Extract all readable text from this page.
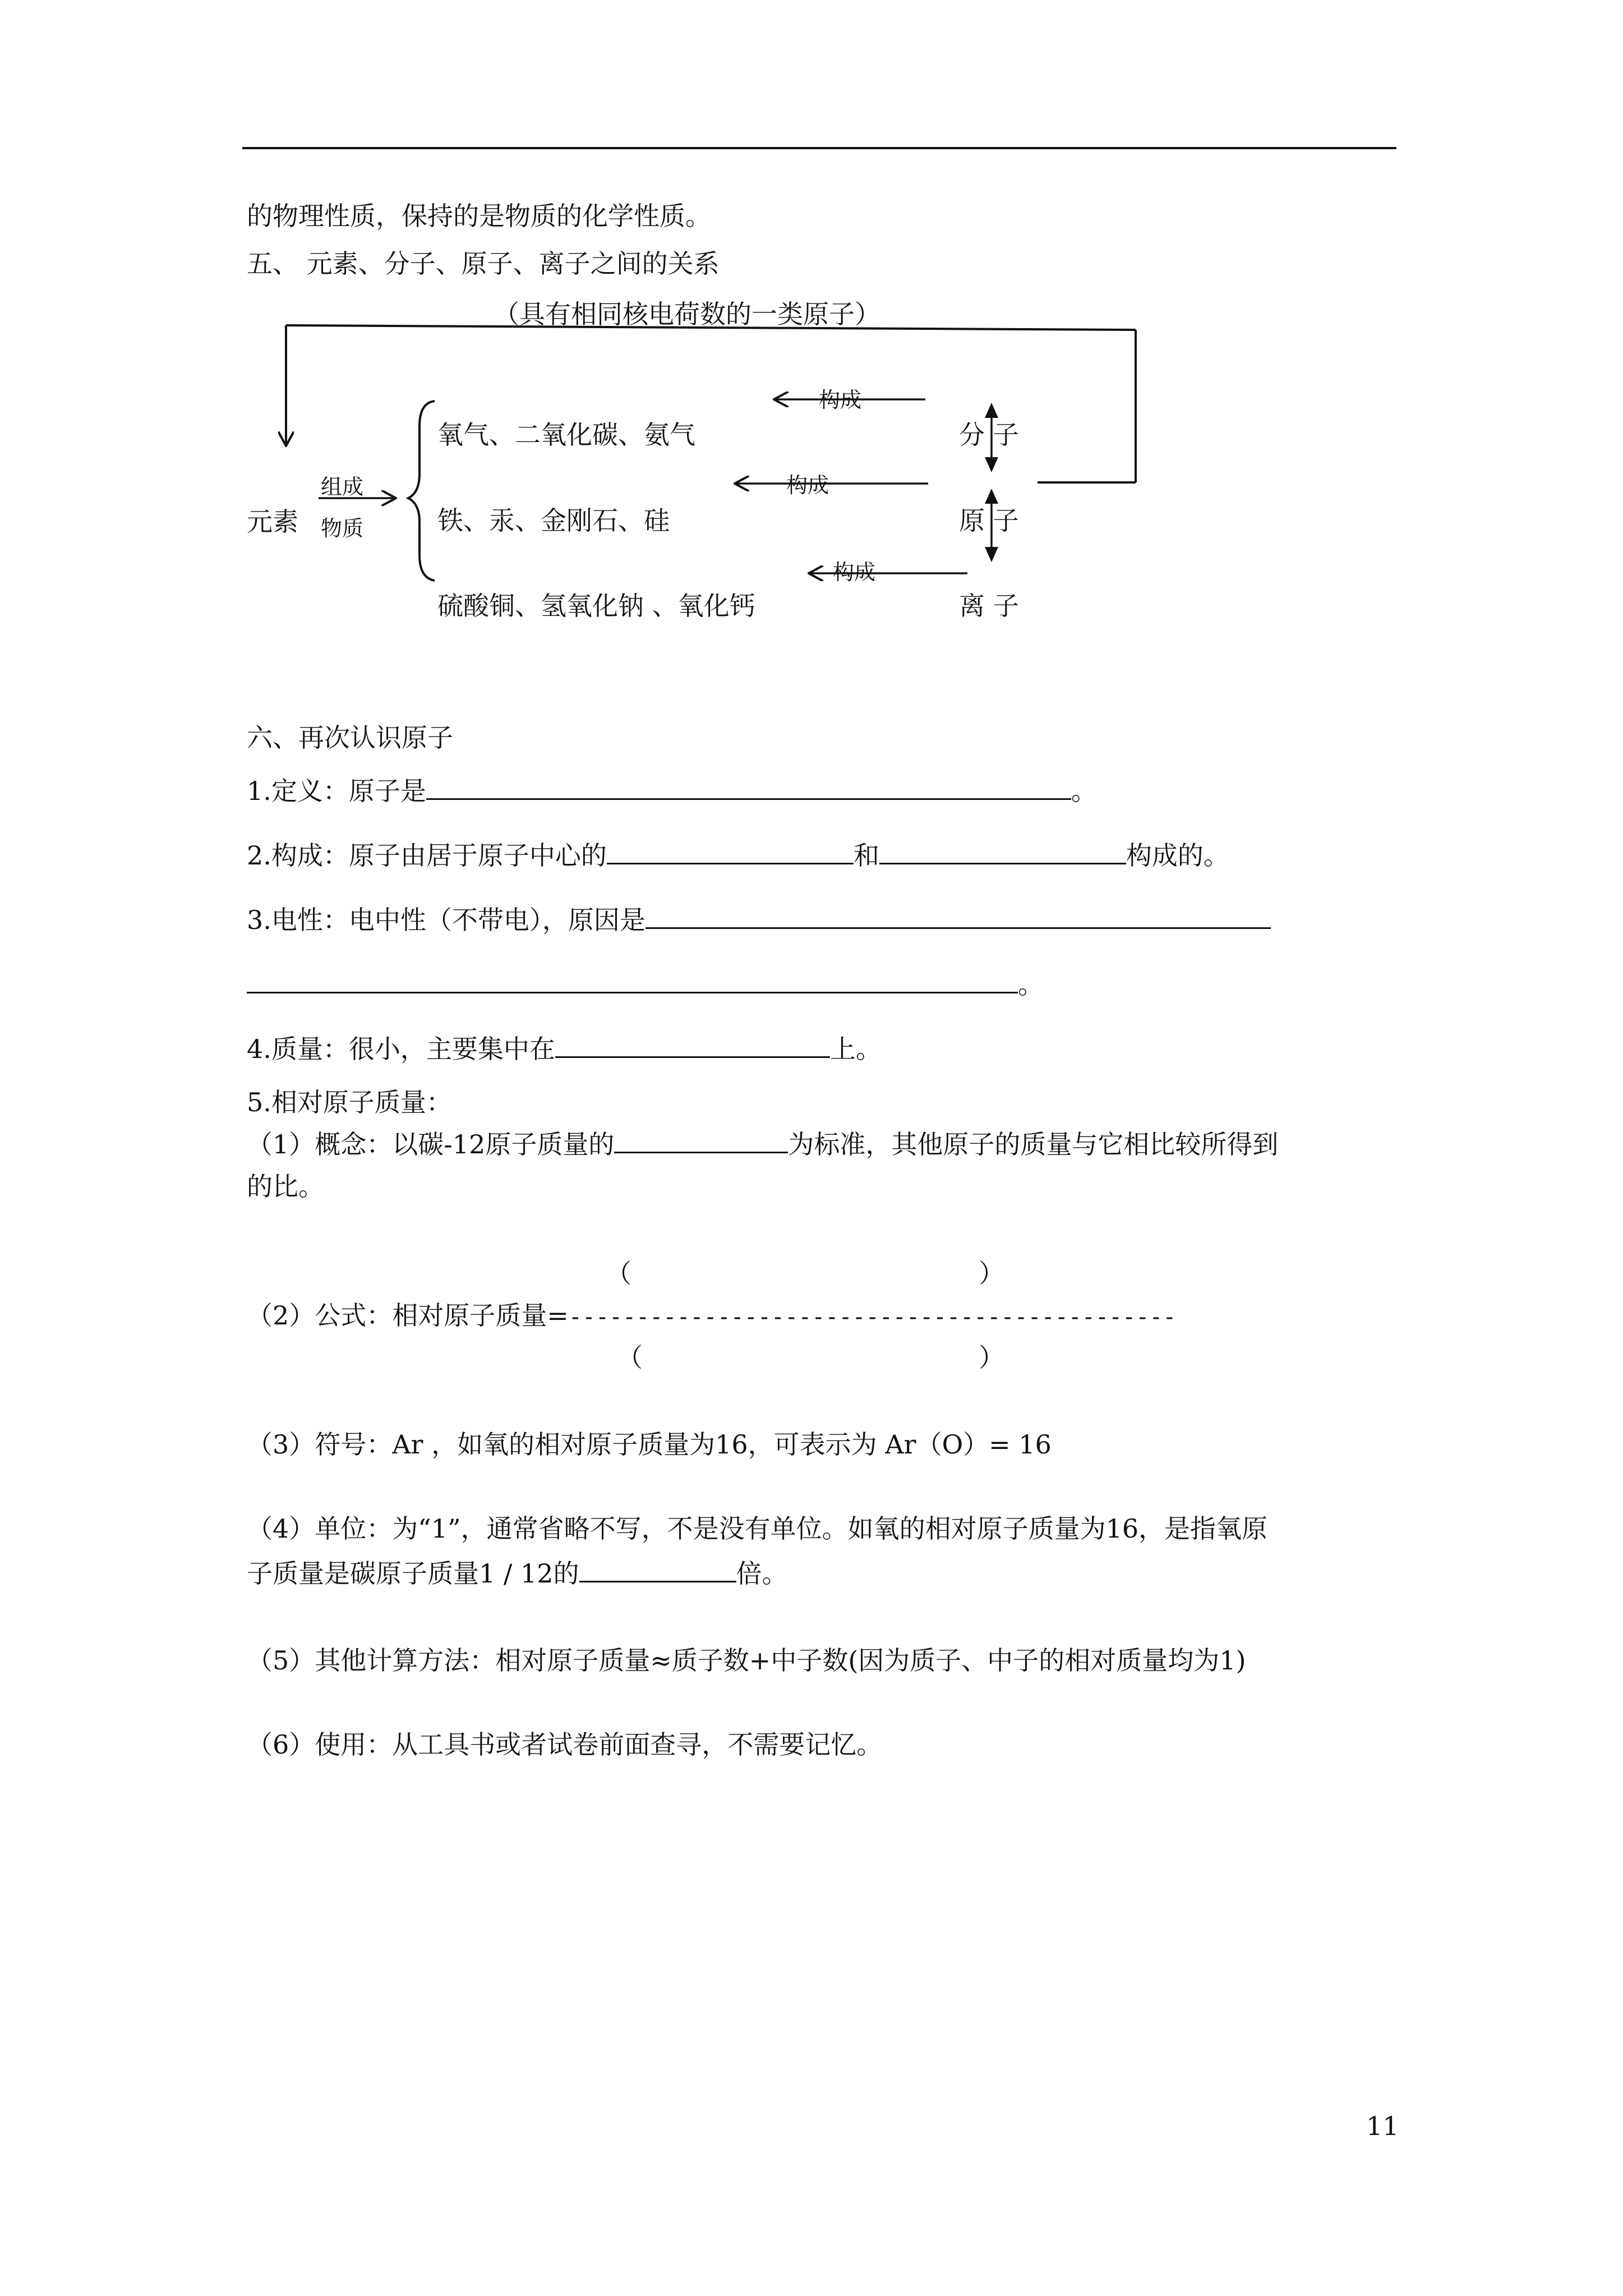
的物理性质，保持的是物质的化学性质。
五、 元素、分子、原子、离子之间的关系
（具有相同核电荷数的一类原子）
构成
构成
构成
元素
组成
物质
氧气、二氧化碳、氨气
铁、汞、金刚石、硅
硫酸铜、氢氧化钠 、氧化钙
分 子
原 子
离 子
六、再次认识原子
1.定义：原子是	。
2.构成：原子由居于原子中心的	和	构成的。
3.电性：电中性（不带电），原因是
。
4.质量：很小，主要集中在	上。
5.相对原子质量：
（1）概念：以碳-12原子质量的	为标准，其他原子的质量与它相比较所得到
的比。
（	）
（2）公式：相对原子质量=---------------------------------------------
（	）
（3）符号：Ar ，如氧的相对原子质量为16，可表示为 Ar（O）= 16
（4）单位：为“1”，通常省略不写，不是没有单位。如氧的相对原子质量为16，是指氧原
子质量是碳原子质量1 / 12的	倍。
（5）其他计算方法：相对原子质量≈质子数+中子数(因为质子、中子的相对质量均为1)
（6）使用：从工具书或者试卷前面查寻，不需要记忆。
11
